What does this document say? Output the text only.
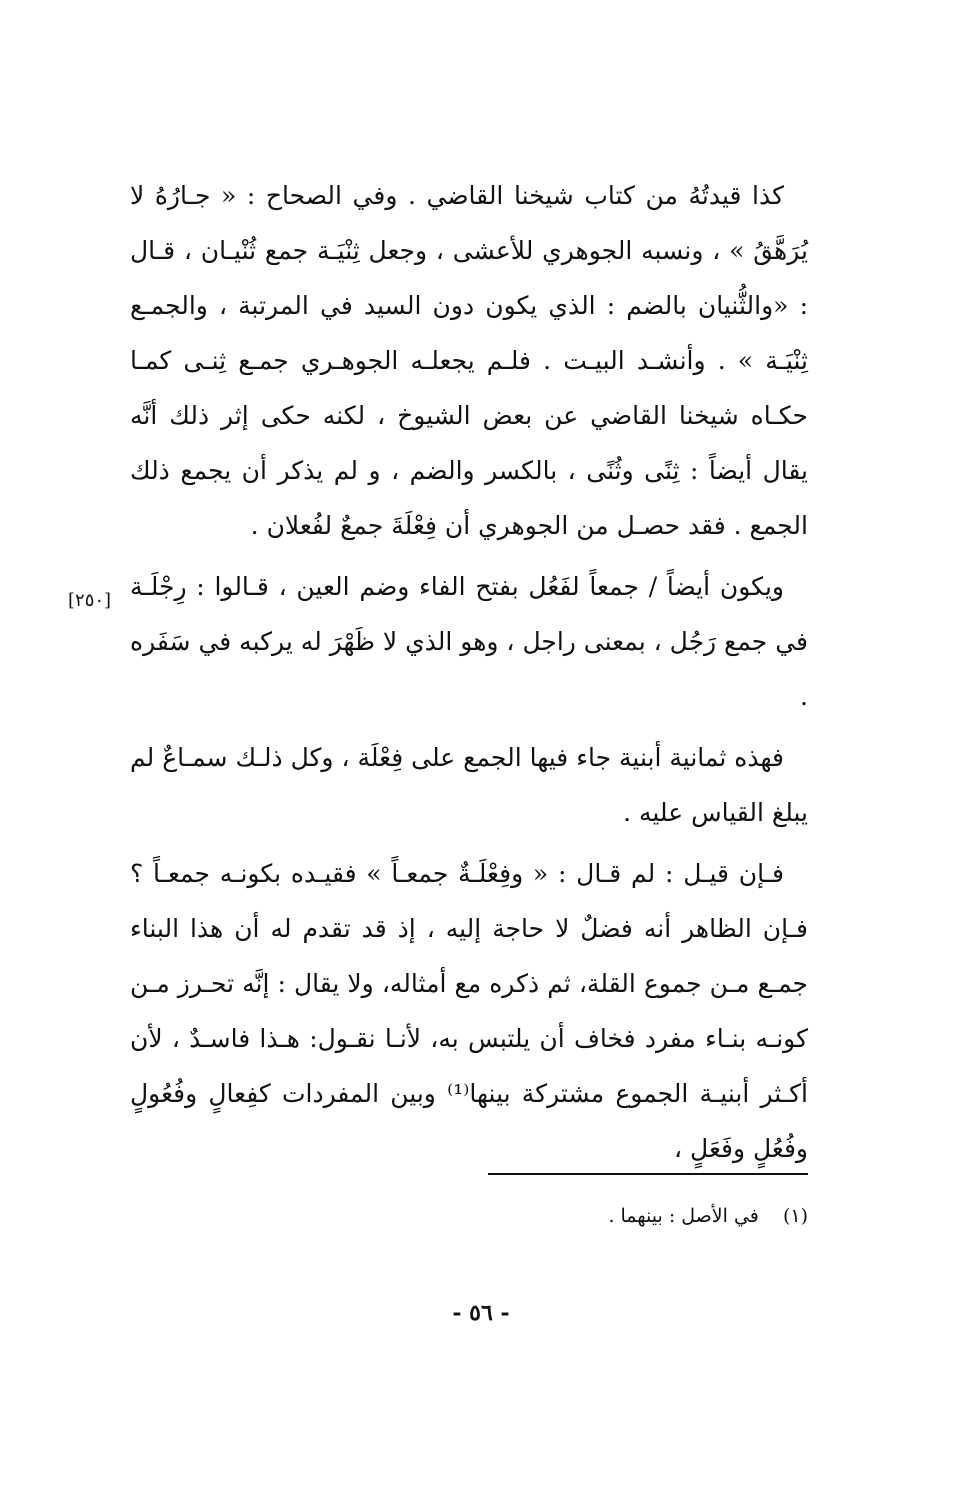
كذا قيدتُهُ من كتاب شيخنا القاضي . وفي الصحاح : « جـارُهُ لا يُرَهَّقُ » ، ونسبه الجوهري للأعشى ، وجعل ثِنْيَـة جمع ثُنْيـان ، قـال : «والثُّنيان بالضم : الذي يكون دون السيد في المرتبة ، والجمـع ثِنْيَـة » . وأنشـد البيـت . فلـم يجعلـه الجوهـري جمـع ثِنـى كمـا حكـاه شيخنا القاضي عن بعض الشيوخ ، لكنه حكى إثر ذلك أنَّه يقال أيضاً : ثِنًى وثُنًى ، بالكسر والضم ، و لم يذكر أن يجمع ذلك الجمع . فقد حصـل من الجوهري أن فِعْلَةَ جمعٌ لفُعلان .

ويكون أيضاً / جمعاً لفَعُل بفتح الفاء وضم العين ، قـالوا : رِجْلَـة في جمع رَجُل ، بمعنى راجل ، وهو الذي لا ظَهْرَ له يركبه في سَفَره .

فهذه ثمانية أبنية جاء فيها الجمع على فِعْلَة ، وكل ذلـك سمـاعٌ لم يبلغ القياس عليه .

فـإن قيـل : لم قـال : « وفِعْلَـةٌ جمعـاً » فقيـده بكونـه جمعـاً ؟ فـإن الظاهر أنه فضلٌ لا حاجة إليه ، إذ قد تقدم له أن هذا البناء جمـع مـن جموع القلة، ثم ذكره مع أمثاله، ولا يقال : إنَّه تحـرز مـن كونـه بنـاء مفرد فخاف أن يلتبس به، لأنـا نقـول: هـذا فاسـدٌ ، لأن أكـثر أبنيـة الجموع مشتركة بينها⁽¹⁾ وبين المفردات كفِعالٍ وفُعُولٍ وفُعُلٍ وفَعَلٍ ،

[٢٥٠]
(١) في الأصل : بينهما .
- ٥٦ -
